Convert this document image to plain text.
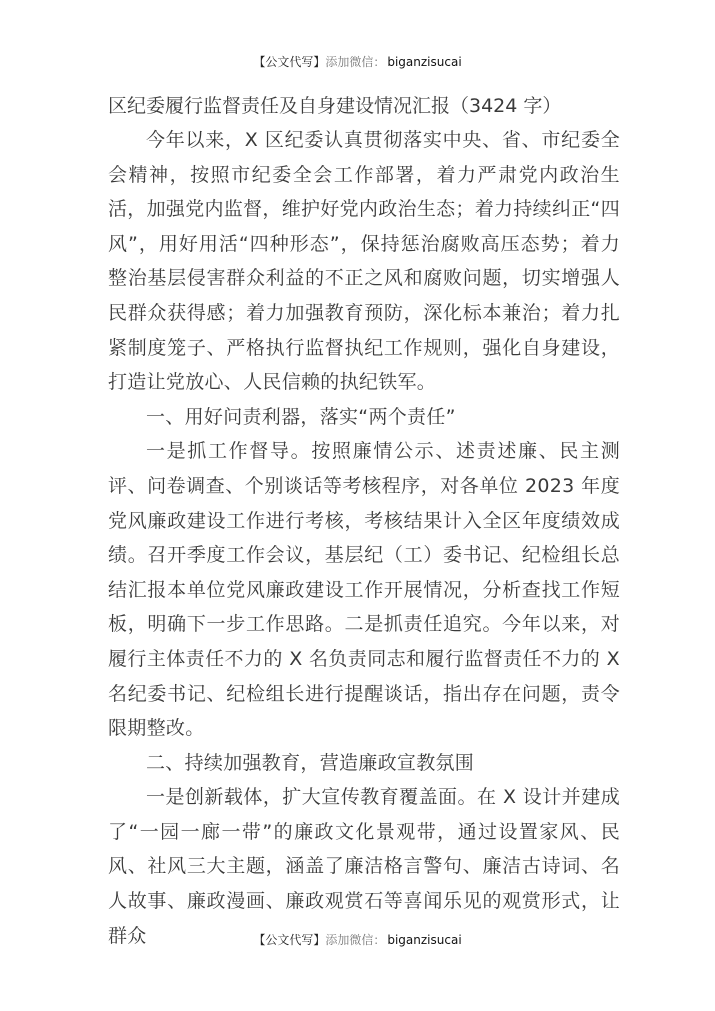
【公文代写】添加微信： biganzisucai
区纪委履行监督责任及自身建设情况汇报（3424 字）

今年以来，X 区纪委认真贯彻落实中央、省、市纪委全会精神，按照市纪委全会工作部署，着力严肃党内政治生活，加强党内监督，维护好党内政治生态；着力持续纠正“四风”，用好用活“四种形态”，保持惩治腐败高压态势；着力整治基层侵害群众利益的不正之风和腐败问题，切实增强人民群众获得感；着力加强教育预防，深化标本兼治；着力扎紧制度笼子、严格执行监督执纪工作规则，强化自身建设，打造让党放心、人民信赖的执纪铁军。

一、用好问责利器，落实“两个责任”

一是抓工作督导。按照廉情公示、述责述廉、民主测评、问卷调查、个别谈话等考核程序，对各单位 2023 年度党风廉政建设工作进行考核，考核结果计入全区年度绩效成绩。召开季度工作会议，基层纪（工）委书记、纪检组长总结汇报本单位党风廉政建设工作开展情况，分析查找工作短板，明确下一步工作思路。二是抓责任追究。今年以来，对履行主体责任不力的 X 名负责同志和履行监督责任不力的 X 名纪委书记、纪检组长进行提醒谈话，指出存在问题，责令限期整改。

二、持续加强教育，营造廉政宣教氛围

一是创新载体，扩大宣传教育覆盖面。在 X 设计并建成了“一园一廊一带”的廉政文化景观带，通过设置家风、民风、社风三大主题，涵盖了廉洁格言警句、廉洁古诗词、名人故事、廉政漫画、廉政观赏石等喜闻乐见的观赏形式，让群众	【公文代写】添加微信： biganzisucai
